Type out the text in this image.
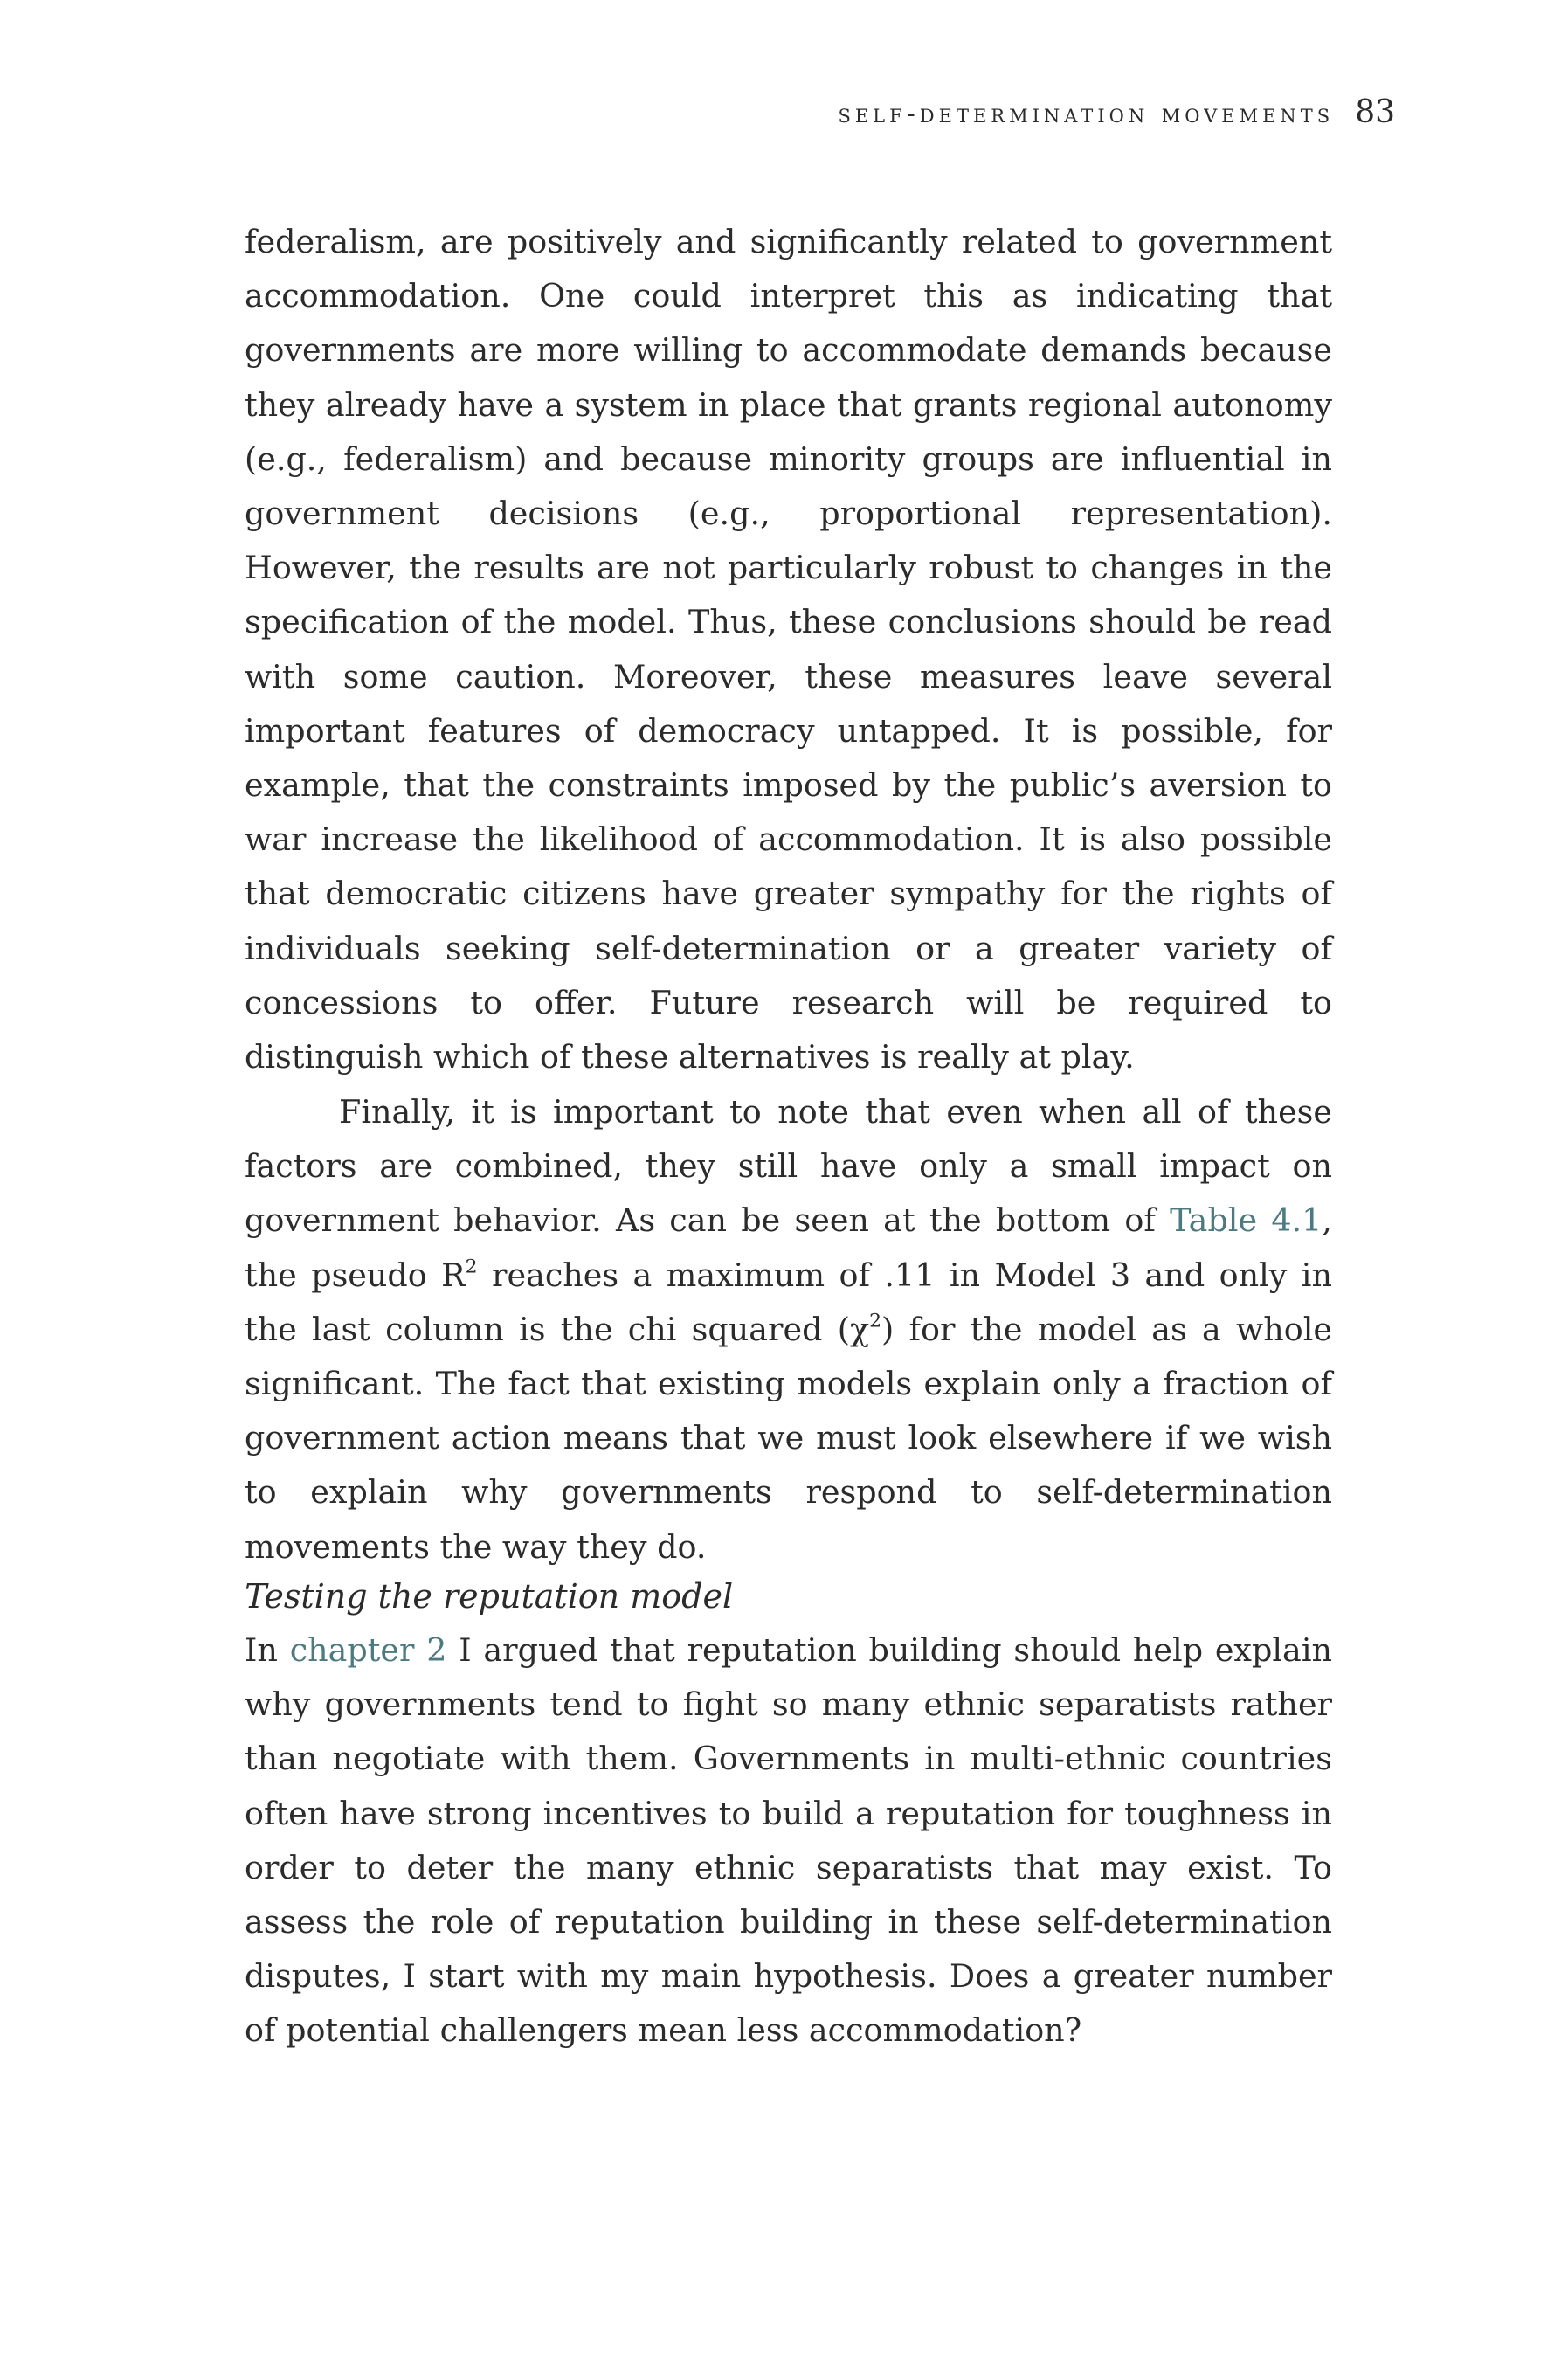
self-determination movements 83

federalism, are positively and significantly related to government accommodation. One could interpret this as indicating that governments are more willing to accommodate demands because they already have a system in place that grants regional autonomy (e.g., federalism) and because minority groups are influential in government decisions (e.g., proportional representation). However, the results are not particularly robust to changes in the specification of the model. Thus, these conclusions should be read with some caution. Moreover, these measures leave several important features of democracy untapped. It is possible, for example, that the constraints imposed by the public’s aversion to war increase the likelihood of accommodation. It is also possible that democratic citizens have greater sympathy for the rights of individuals seeking self-determination or a greater variety of concessions to offer. Future research will be required to distinguish which of these alternatives is really at play.

Finally, it is important to note that even when all of these factors are combined, they still have only a small impact on government behavior. As can be seen at the bottom of Table 4.1, the pseudo $R^2$ reaches a maximum of .11 in Model 3 and only in the last column is the chi squared $(\chi^2)$ for the model as a whole significant. The fact that existing models explain only a fraction of government action means that we must look elsewhere if we wish to explain why governments respond to self-determination movements the way they do.

Testing the reputation model

In chapter 2 I argued that reputation building should help explain why governments tend to fight so many ethnic separatists rather than negotiate with them. Governments in multi-ethnic countries often have strong incentives to build a reputation for toughness in order to deter the many ethnic separatists that may exist. To assess the role of reputation building in these self-determination disputes, I start with my main hypothesis. Does a greater number of potential challengers mean less accommodation?
